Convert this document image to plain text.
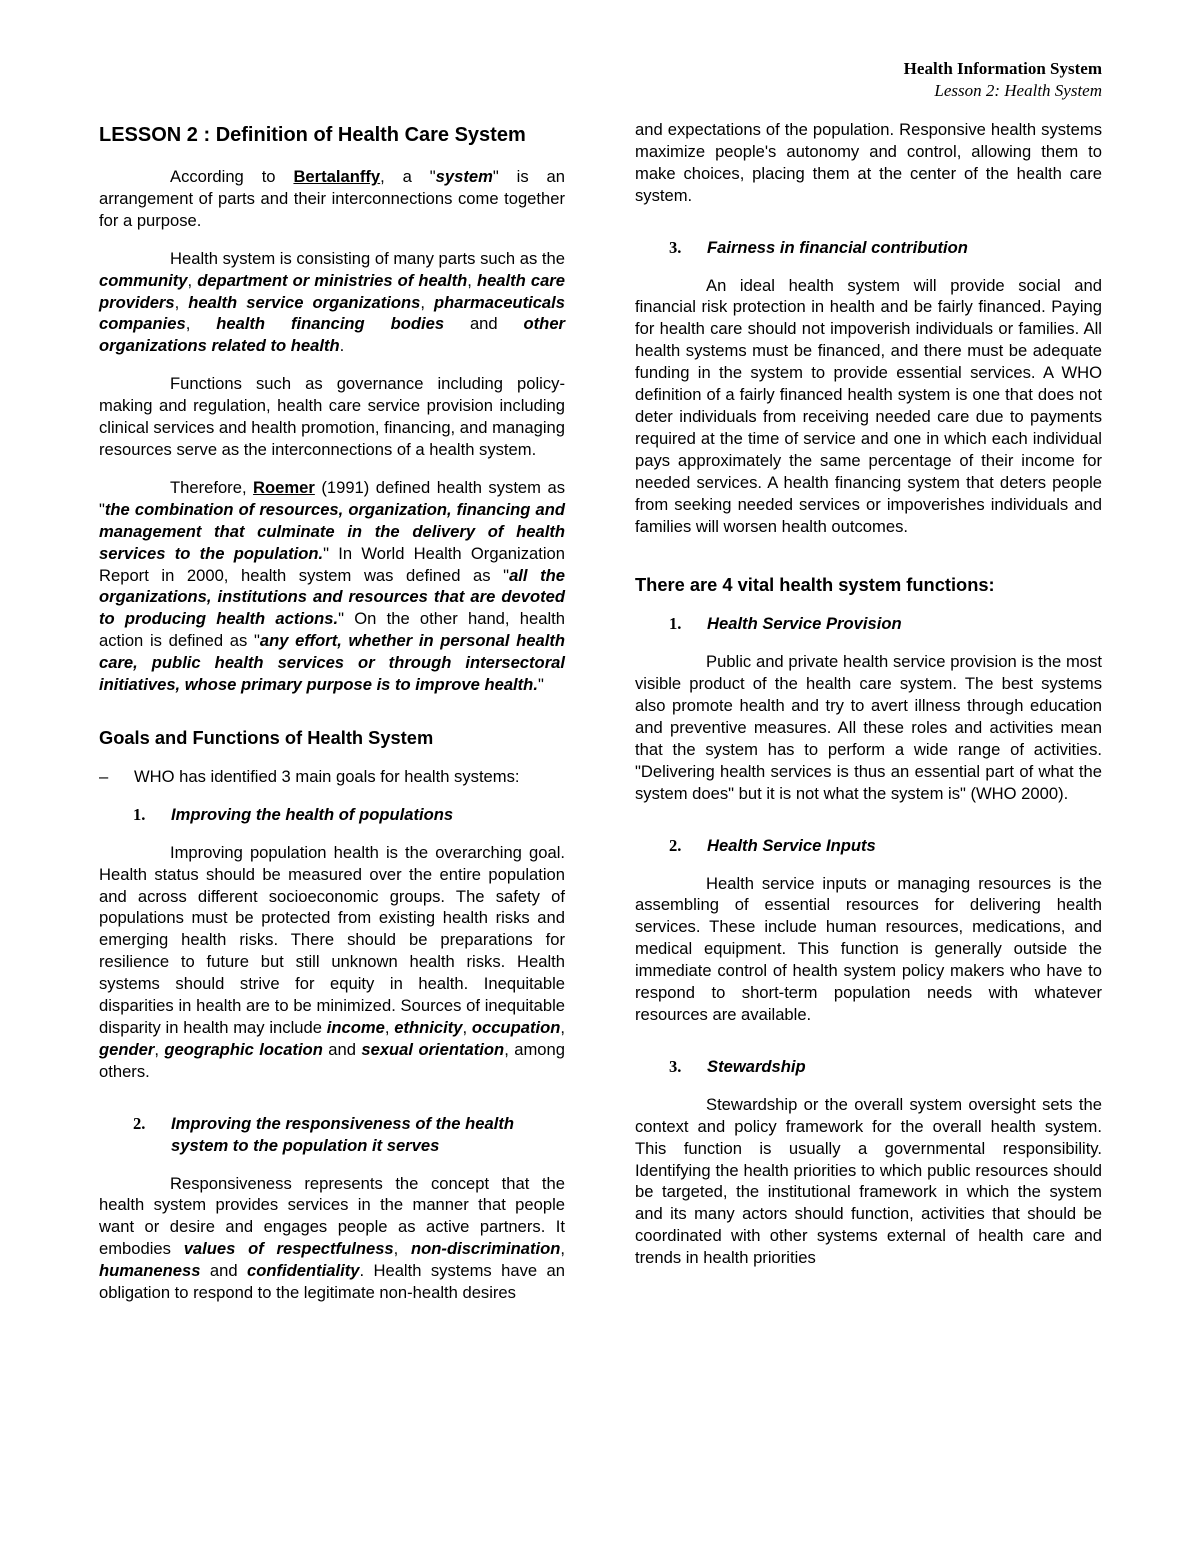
Health Information System
Lesson 2: Health System
LESSON 2 : Definition of Health Care System

According to Bertalanffy, a "system" is an arrangement of parts and their interconnections come together for a purpose.

Health system is consisting of many parts such as the community, department or ministries of health, health care providers, health service organizations, pharmaceuticals companies, health financing bodies and other organizations related to health.

Functions such as governance including policy-making and regulation, health care service provision including clinical services and health promotion, financing, and managing resources serve as the interconnections of a health system.

Therefore, Roemer (1991) defined health system as "the combination of resources, organization, financing and management that culminate in the delivery of health services to the population." In World Health Organization Report in 2000, health system was defined as "all the organizations, institutions and resources that are devoted to producing health actions." On the other hand, health action is defined as "any effort, whether in personal health care, public health services or through intersectoral initiatives, whose primary purpose is to improve health."

Goals and Functions of Health System
–	WHO has identified 3 main goals for health systems:
1.	Improving the health of populations

Improving population health is the overarching goal. Health status should be measured over the entire population and across different socioeconomic groups. The safety of populations must be protected from existing health risks and emerging health risks. There should be preparations for resilience to future but still unknown health risks. Health systems should strive for equity in health. Inequitable disparities in health are to be minimized. Sources of inequitable disparity in health may include income, ethnicity, occupation, gender, geographic location and sexual orientation, among others.

2.	Improving the responsiveness of the health system to the population it serves

Responsiveness represents the concept that the health system provides services in the manner that people want or desire and engages people as active partners. It embodies values of respectfulness, non-discrimination, humaneness and confidentiality. Health systems have an obligation to respond to the legitimate non-health desires

and expectations of the population. Responsive health systems maximize people's autonomy and control, allowing them to make choices, placing them at the center of the health care system.

3.	Fairness in financial contribution

An ideal health system will provide social and financial risk protection in health and be fairly financed. Paying for health care should not impoverish individuals or families. All health systems must be financed, and there must be adequate funding in the system to provide essential services. A WHO definition of a fairly financed health system is one that does not deter individuals from receiving needed care due to payments required at the time of service and one in which each individual pays approximately the same percentage of their income for needed services. A health financing system that deters people from seeking needed services or impoverishes individuals and families will worsen health outcomes.

There are 4 vital health system functions:
1.	Health Service Provision

Public and private health service provision is the most visible product of the health care system. The best systems also promote health and try to avert illness through education and preventive measures. All these roles and activities mean that the system has to perform a wide range of activities. "Delivering health services is thus an essential part of what the system does" but it is not what the system is" (WHO 2000).

2.	Health Service Inputs

Health service inputs or managing resources is the assembling of essential resources for delivering health services. These include human resources, medications, and medical equipment. This function is generally outside the immediate control of health system policy makers who have to respond to short-term population needs with whatever resources are available.

3.	Stewardship

Stewardship or the overall system oversight sets the context and policy framework for the overall health system. This function is usually a governmental responsibility. Identifying the health priorities to which public resources should be targeted, the institutional framework in which the system and its many actors should function, activities that should be coordinated with other systems external of health care and trends in health priorities
